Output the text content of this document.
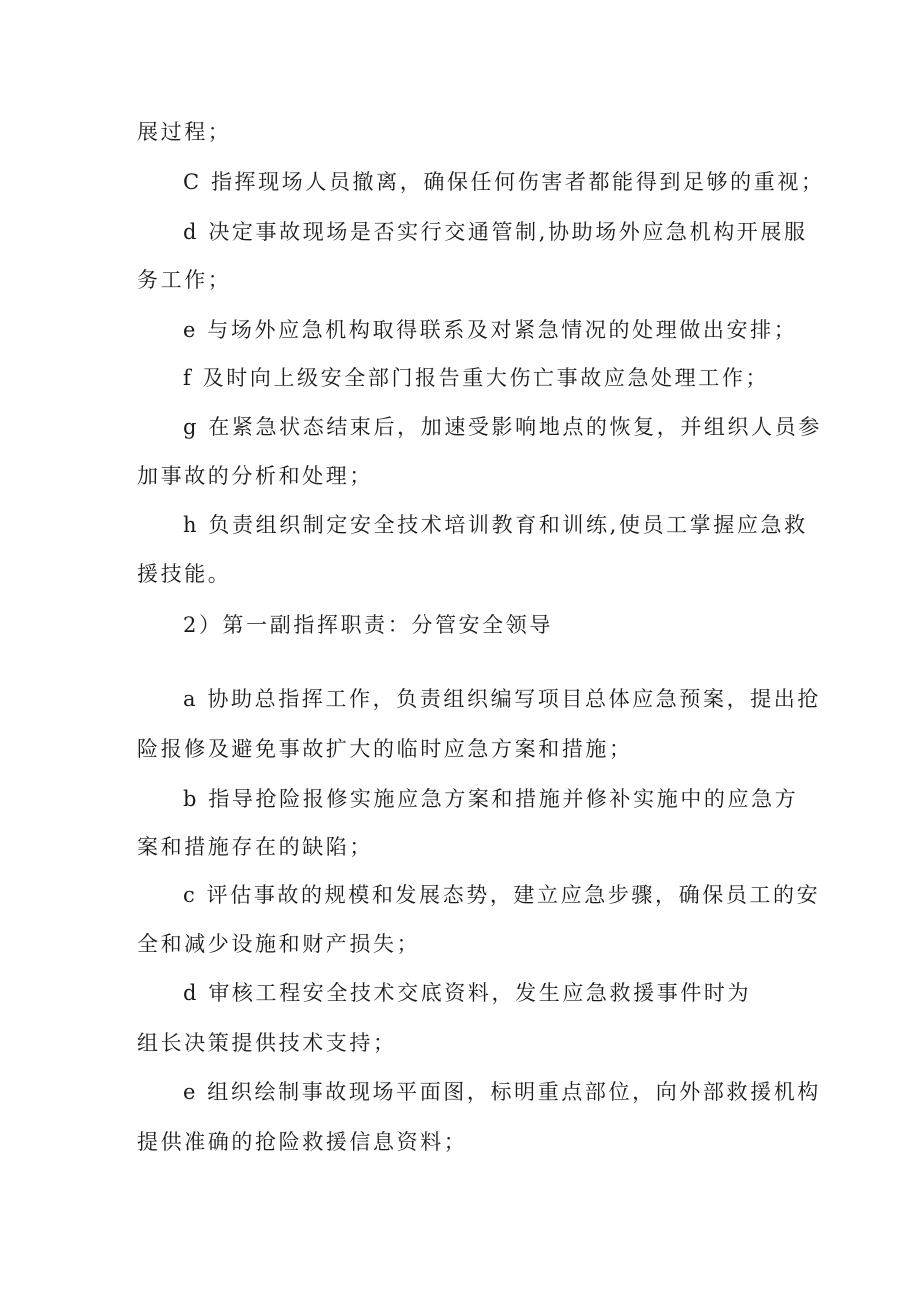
展过程；
C 指挥现场人员撤离，确保任何伤害者都能得到足够的重视；
d 决定事故现场是否实行交通管制,协助场外应急机构开展服
务工作；
e 与场外应急机构取得联系及对紧急情况的处理做出安排；
f 及时向上级安全部门报告重大伤亡事故应急处理工作；
g 在紧急状态结束后，加速受影响地点的恢复，并组织人员参
加事故的分析和处理；
h 负责组织制定安全技术培训教育和训练,使员工掌握应急救
援技能。
2）第一副指挥职责：分管安全领导
a 协助总指挥工作，负责组织编写项目总体应急预案，提出抢
险报修及避免事故扩大的临时应急方案和措施；
b 指导抢险报修实施应急方案和措施并修补实施中的应急方
案和措施存在的缺陷；
c 评估事故的规模和发展态势，建立应急步骤，确保员工的安
全和减少设施和财产损失；
d 审核工程安全技术交底资料，发生应急救援事件时为
组长决策提供技术支持；
e 组织绘制事故现场平面图，标明重点部位，向外部救援机构
提供准确的抢险救援信息资料；
